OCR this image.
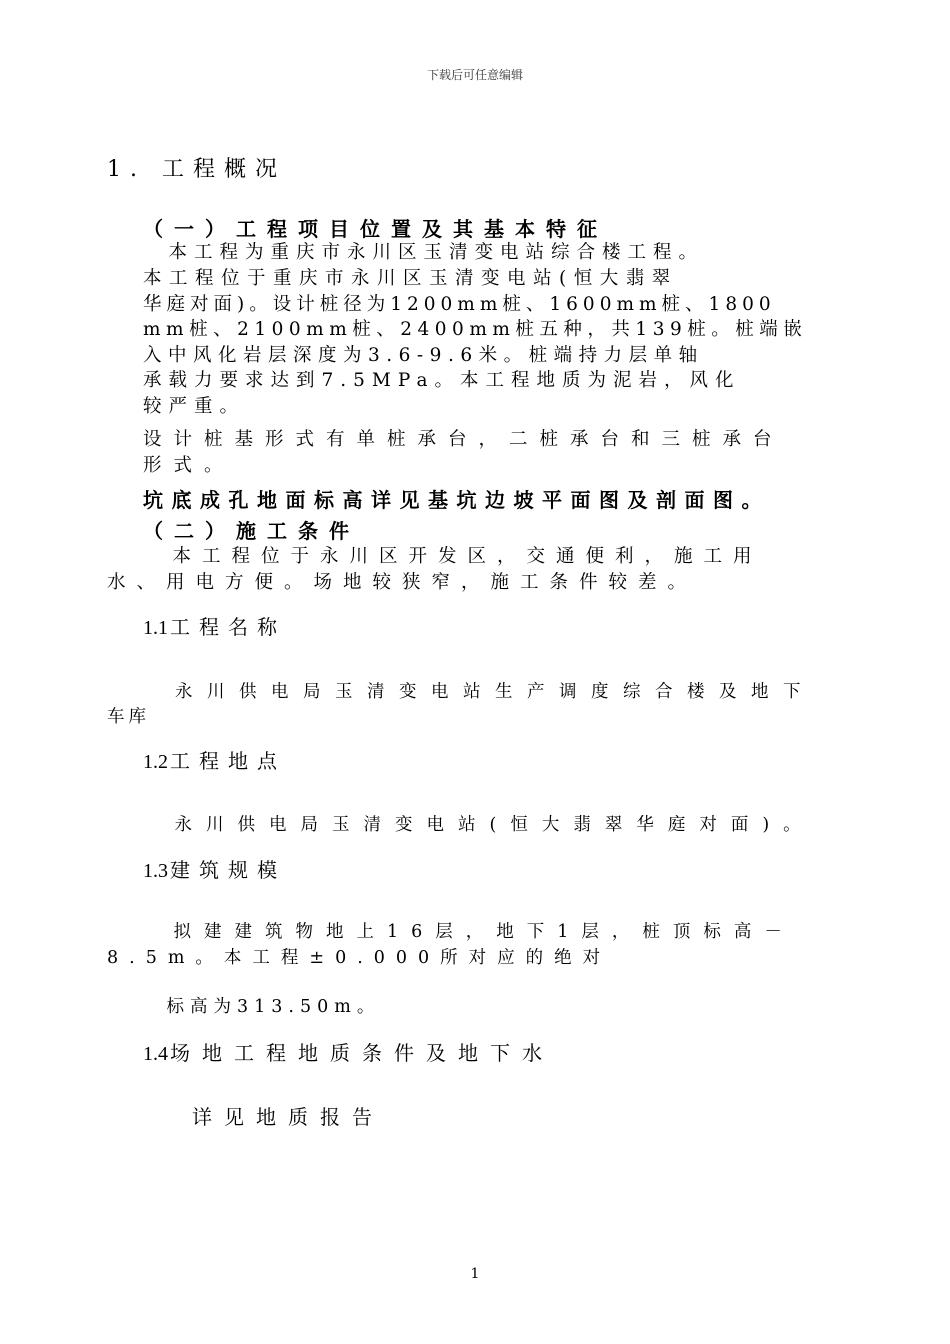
下载后可任意编辑
1. 工程概况
（一）工程项目位置及其基本特征
　本工程为重庆市永川区玉清变电站综合楼工程。
本工程位于重庆市永川区玉清变电站(恒大翡翠
华庭对面)。设计桩径为1200mm桩、1600mm桩、1800
mm桩、2100mm桩、2400mm桩五种，共139桩。桩端嵌
入中风化岩层深度为3.6-9.6米。桩端持力层单轴
承载力要求达到7.5MPa。本工程地质为泥岩，风化
较严重。
设计桩基形式有单桩承台，二桩承台和三桩承台
形式。
坑底成孔地面标高详见基坑边坡平面图及剖面图。
（二）施工条件
　本工程位于永川区开发区，交通便利，施工用
水、用电方便。场地较狭窄，施工条件较差。
1.1 工程名称
　永川供电局玉清变电站生产调度综合楼及地下
车库
1.2 工程地点
　永川供电局玉清变电站(恒大翡翠华庭对面)。
1.3 建筑规模
　拟建建筑物地上16层，地下1层，桩顶标高－
8.5m。本工程±0.000所对应的绝对
　标高为313.50m。
1.4 场地工程地质条件及地下水
详见地质报告
1
